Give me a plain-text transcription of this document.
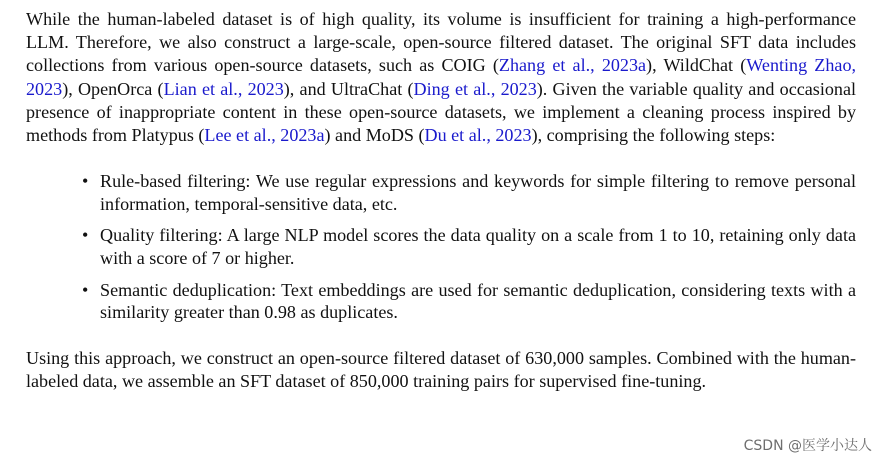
While the human-labeled dataset is of high quality, its volume is insufficient for training a high-performance LLM. Therefore, we also construct a large-scale, open-source filtered dataset. The original SFT data includes collections from various open-source datasets, such as COIG (Zhang et al., 2023a), WildChat (Wenting Zhao, 2023), OpenOrca (Lian et al., 2023), and UltraChat (Ding et al., 2023). Given the variable quality and occasional presence of inappropriate content in these open-source datasets, we implement a cleaning process inspired by methods from Platypus (Lee et al., 2023a) and MoDS (Du et al., 2023), comprising the following steps:

• Rule-based filtering: We use regular expressions and keywords for simple filtering to remove personal information, temporal-sensitive data, etc.
• Quality filtering: A large NLP model scores the data quality on a scale from 1 to 10, retaining only data with a score of 7 or higher.
• Semantic deduplication: Text embeddings are used for semantic deduplication, considering texts with a similarity greater than 0.98 as duplicates.

Using this approach, we construct an open-source filtered dataset of 630,000 samples. Combined with the human-labeled data, we assemble an SFT dataset of 850,000 training pairs for supervised fine-tuning.

CSDN @医学小达人
